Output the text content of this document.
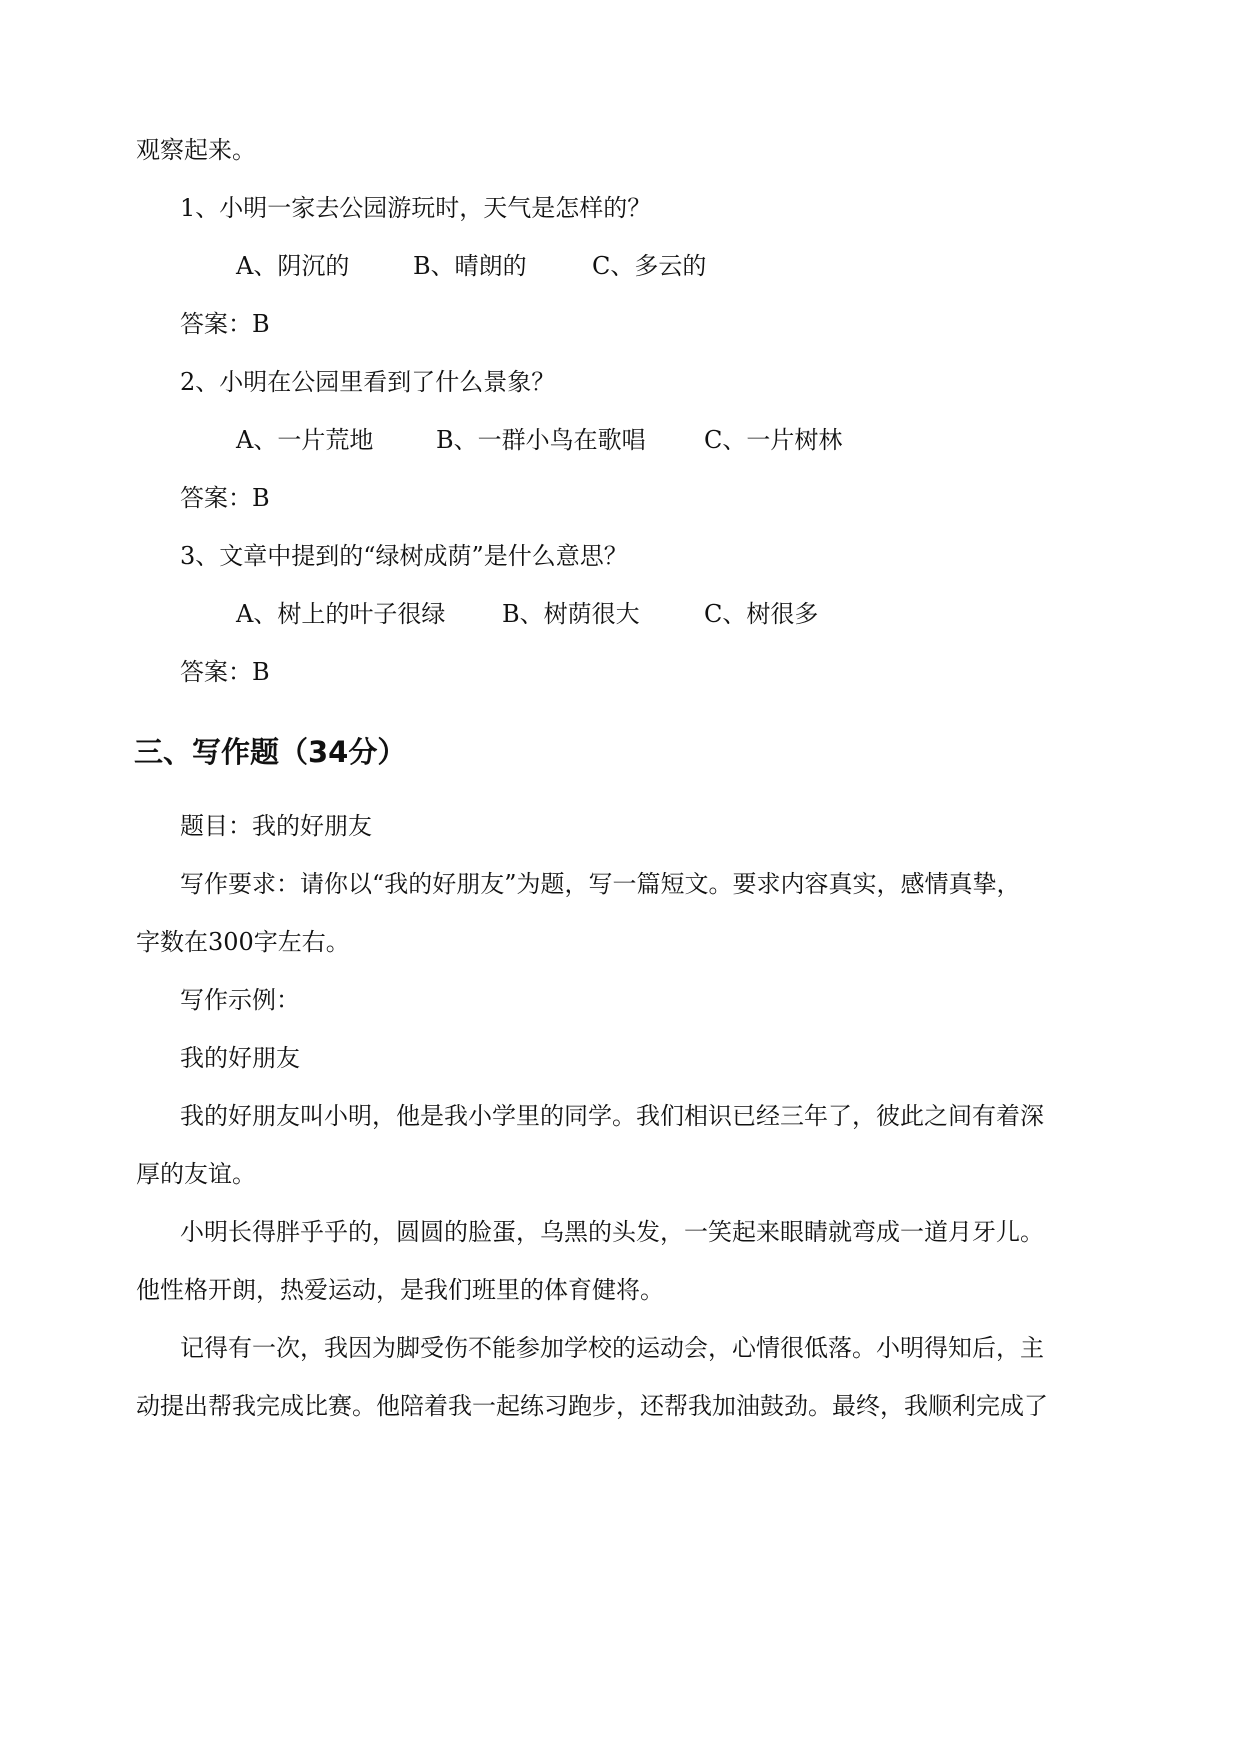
观察起来。
1、小明一家去公园游玩时，天气是怎样的？
A、阴沉的	B、晴朗的	C、多云的
答案：B
2、小明在公园里看到了什么景象？
A、一片荒地	B、一群小鸟在歌唱 C、一片树林
答案：B
3、文章中提到的“绿树成荫”是什么意思？
A、树上的叶子很绿 B、树荫很大	C、树很多
答案：B
三、写作题（34分）
题目：我的好朋友
写作要求：请你以“我的好朋友”为题，写一篇短文。要求内容真实，感情真挚，
字数在300字左右。
写作示例：
我的好朋友
我的好朋友叫小明，他是我小学里的同学。我们相识已经三年了，彼此之间有着深
厚的友谊。
小明长得胖乎乎的，圆圆的脸蛋，乌黑的头发，一笑起来眼睛就弯成一道月牙儿。
他性格开朗，热爱运动，是我们班里的体育健将。
记得有一次，我因为脚受伤不能参加学校的运动会，心情很低落。小明得知后，主
动提出帮我完成比赛。他陪着我一起练习跑步，还帮我加油鼓劲。最终，我顺利完成了
